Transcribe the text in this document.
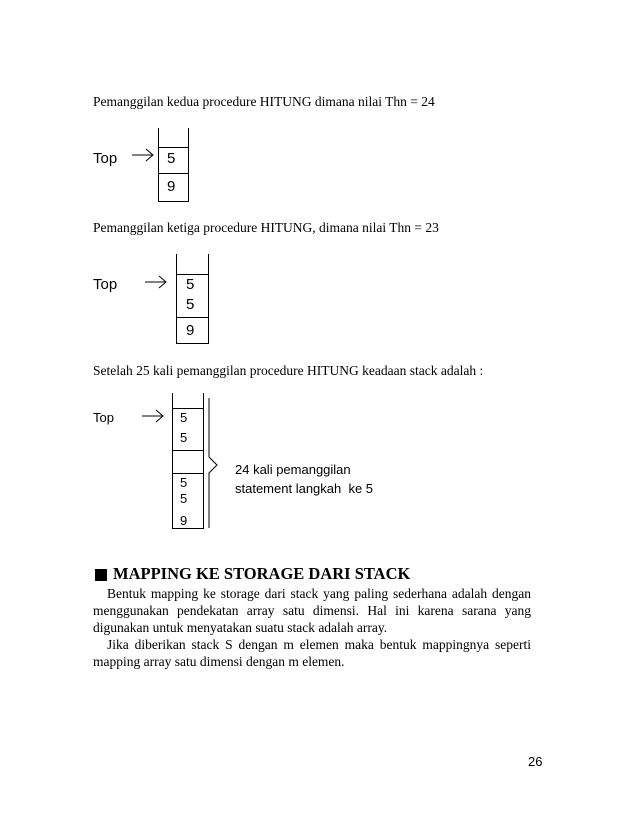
Pemanggilan kedua procedure HITUNG dimana nilai Thn = 24
Top	5
9
Pemanggilan ketiga procedure HITUNG, dimana nilai Thn = 23
Top	5
5
9
Setelah 25 kali pemanggilan procedure HITUNG keadaan stack adalah :
Top	5
5
5
5
9
24 kali pemanggilan
statement langkah  ke 5
MAPPING KE STORAGE DARI STACK
Bentuk mapping ke storage dari stack yang paling sederhana adalah dengan menggunakan pendekatan array satu dimensi. Hal ini karena sarana yang digunakan untuk menyatakan suatu stack adalah array.
Jika diberikan stack S dengan m elemen maka bentuk mappingnya seperti mapping array satu dimensi dengan m elemen.
26
